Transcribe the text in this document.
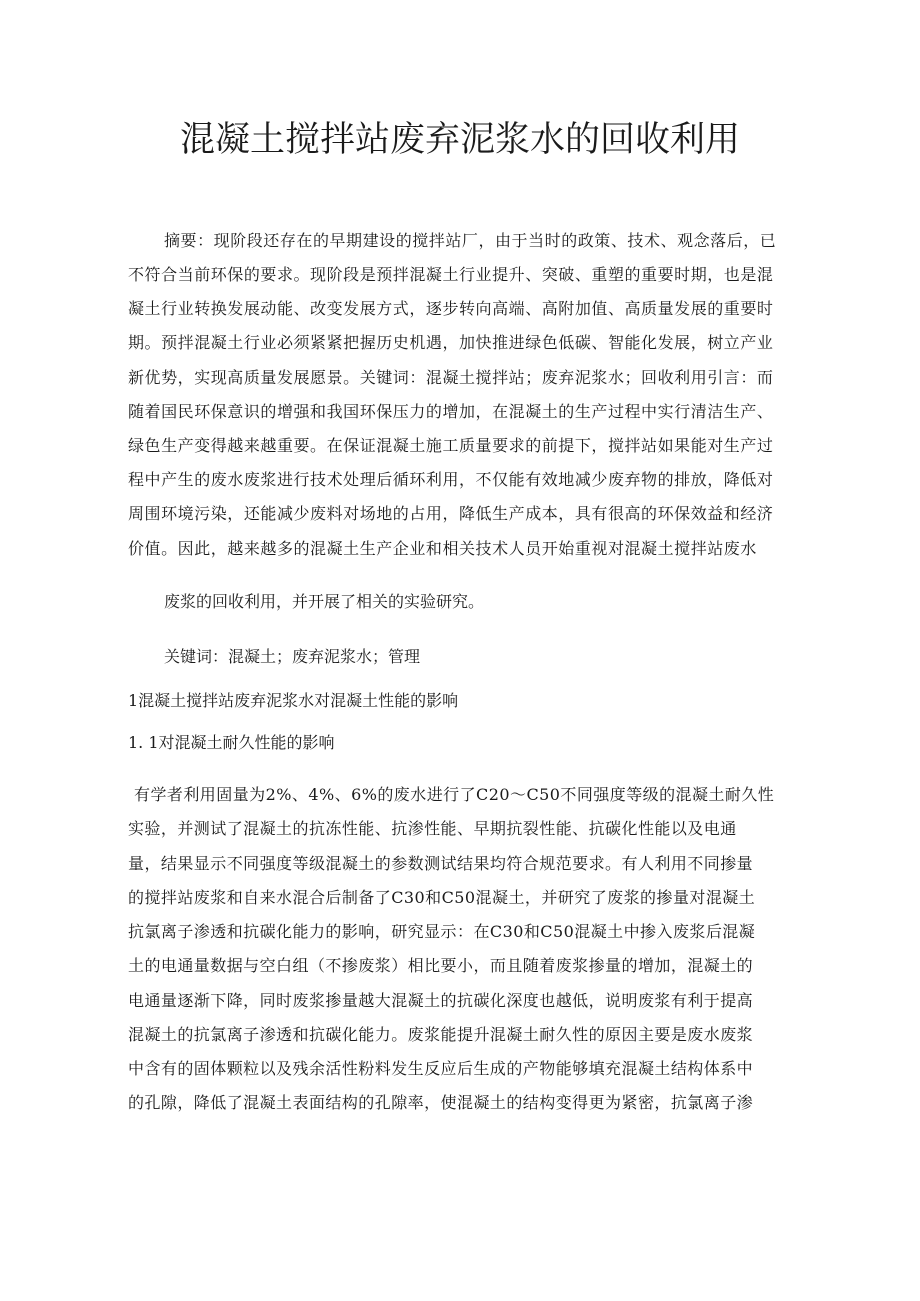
混凝土搅拌站废弃泥浆水的回收利用

摘要：现阶段还存在的早期建设的搅拌站厂，由于当时的政策、技术、观念落后，已

不符合当前环保的要求。现阶段是预拌混凝土行业提升、突破、重塑的重要时期，也是混

凝土行业转换发展动能、改变发展方式，逐步转向高端、高附加值、高质量发展的重要时

期。预拌混凝土行业必须紧紧把握历史机遇，加快推进绿色低碳、智能化发展，树立产业

新优势，实现高质量发展愿景。关键词：混凝土搅拌站；废弃泥浆水；回收利用引言：而

随着国民环保意识的增强和我国环保压力的增加，在混凝土的生产过程中实行清洁生产、

绿色生产变得越来越重要。在保证混凝土施工质量要求的前提下，搅拌站如果能对生产过

程中产生的废水废浆进行技术处理后循环利用，不仅能有效地减少废弃物的排放，降低对

周围环境污染，还能减少废料对场地的占用，降低生产成本，具有很高的环保效益和经济

价值。因此，越来越多的混凝土生产企业和相关技术人员开始重视对混凝土搅拌站废水

废浆的回收利用，并开展了相关的实验研究。

关键词：混凝土；废弃泥浆水；管理

1混凝土搅拌站废弃泥浆水对混凝土性能的影响

1. 1对混凝土耐久性能的影响

有学者利用固量为2%、4%、6%的废水进行了C20～C50不同强度等级的混凝土耐久性

实验，并测试了混凝土的抗冻性能、抗渗性能、早期抗裂性能、抗碳化性能以及电通

量，结果显示不同强度等级混凝土的参数测试结果均符合规范要求。有人利用不同掺量

的搅拌站废浆和自来水混合后制备了C30和C50混凝土，并研究了废浆的掺量对混凝土

抗氯离子渗透和抗碳化能力的影响，研究显示：在C30和C50混凝土中掺入废浆后混凝

土的电通量数据与空白组（不掺废浆）相比要小，而且随着废浆掺量的增加，混凝土的

电通量逐渐下降，同时废浆掺量越大混凝土的抗碳化深度也越低，说明废浆有利于提高

混凝土的抗氯离子渗透和抗碳化能力。废浆能提升混凝土耐久性的原因主要是废水废浆

中含有的固体颗粒以及残余活性粉料发生反应后生成的产物能够填充混凝土结构体系中

的孔隙，降低了混凝土表面结构的孔隙率，使混凝土的结构变得更为紧密，抗氯离子渗
